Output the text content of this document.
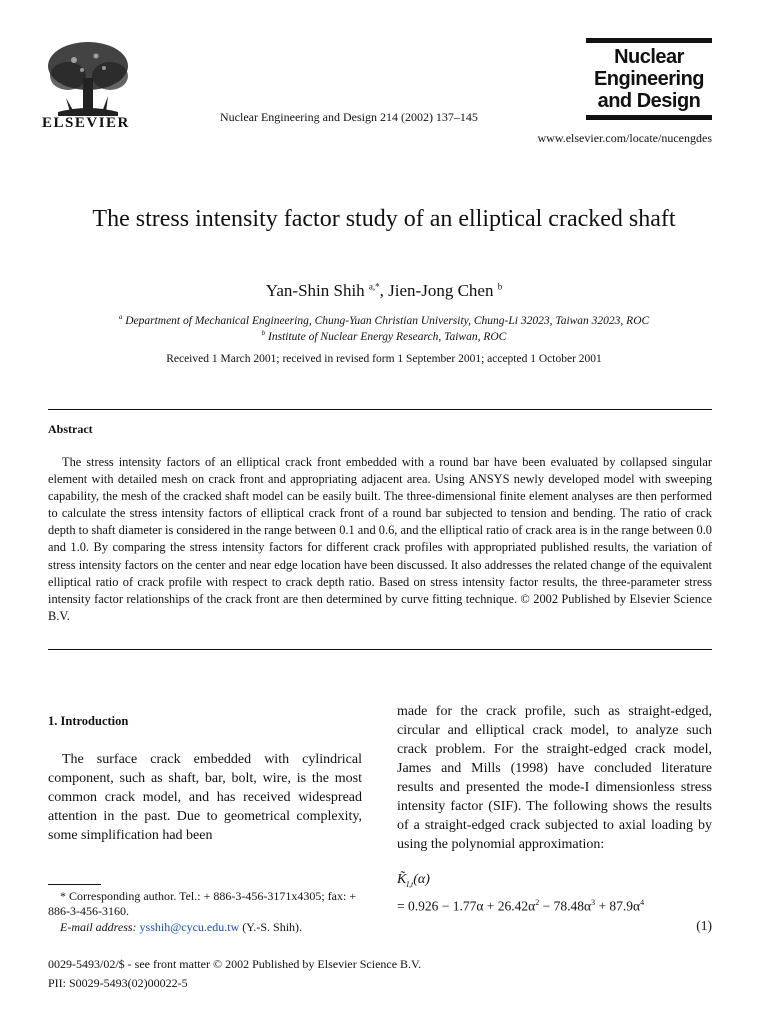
ELSEVIER	Nuclear Engineering and Design 214 (2002) 137–145
Nuclear
Engineering
and Design
www.elsevier.com/locate/nucengdes
The stress intensity factor study of an elliptical cracked shaft
Yan-Shin Shih $^{a,*}$, Jien-Jong Chen $^b$
$^a$ Department of Mechanical Engineering, Chung-Yuan Christian University, Chung-Li 32023, Taiwan 32023, ROC
$^b$ Institute of Nuclear Energy Research, Taiwan, ROC
Received 1 March 2001; received in revised form 1 September 2001; accepted 1 October 2001
Abstract

The stress intensity factors of an elliptical crack front embedded with a round bar have been evaluated by collapsed singular element with detailed mesh on crack front and appropriating adjacent area. Using ANSYS newly developed model with sweeping capability, the mesh of the cracked shaft model can be easily built. The three-dimensional finite element analyses are then performed to calculate the stress intensity factors of elliptical crack front of a round bar subjected to tension and bending. The ratio of crack depth to shaft diameter is considered in the range between 0.1 and 0.6, and the elliptical ratio of crack area is in the range between 0.0 and 1.0. By comparing the stress intensity factors for different crack profiles with appropriated published results, the variation of stress intensity factors on the center and near edge location have been discussed. It also addresses the related change of the equivalent elliptical ratio of crack profile with respect to crack depth ratio. Based on stress intensity factor results, the three-parameter stress intensity factor relationships of the crack front are then determined by curve fitting technique. © 2002 Published by Elsevier Science B.V.

1. Introduction

The surface crack embedded with cylindrical component, such as shaft, bar, bolt, wire, is the most common crack model, and has received widespread attention in the past. Due to geometrical complexity, some simplification had been

made for the crack profile, such as straight-edged, circular and elliptical crack model, to analyze such crack problem. For the straight-edged crack model, James and Mills (1998) have concluded literature results and presented the mode-I dimensionless stress intensity factor (SIF). The following shows the results of a straight-edged crack subjected to axial loading by using the polynomial approximation:

$K̃_{I,t}(\alpha)$
= $0.926 - 1.77\alpha + 26.42\alpha^2 - 78.48\alpha^3 + 87.9\alpha^4$
(1)

* Corresponding author. Tel.: + 886-3-456-3171x4305; fax: + 886-3-456-3160.

E-mail address: ysshih@cycu.edu.tw (Y.-S. Shih).
0029-5493/02/$ - see front matter © 2002 Published by Elsevier Science B.V.
PII: S0029-5493(02)00022-5
